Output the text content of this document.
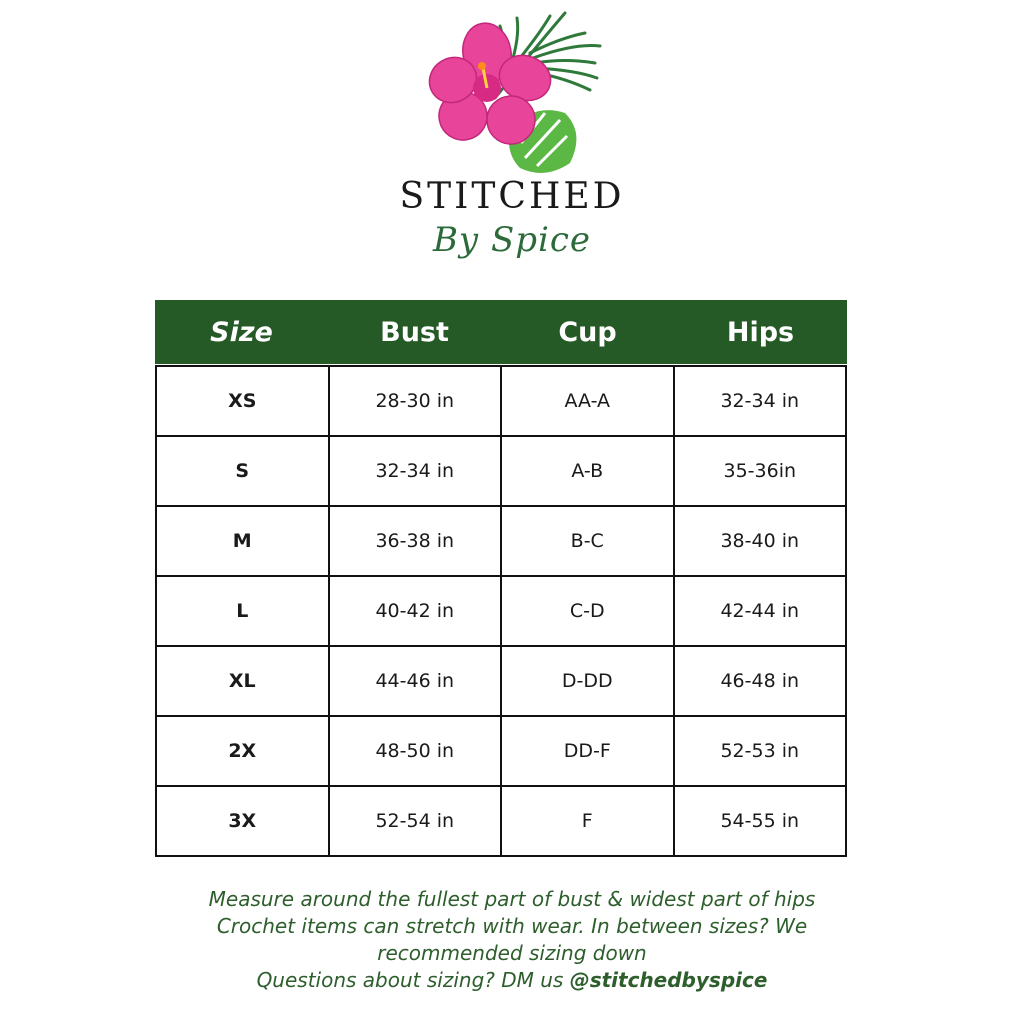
STITCHED
By Spice
Size	Bust	Cup	Hips
XS	28-30 in	AA-A	32-34 in
S	32-34 in	A-B	35-36in
M	36-38 in	B-C	38-40 in
L	40-42 in	C-D	42-44 in
XL	44-46 in	D-DD	46-48 in
2X	48-50 in	DD-F	52-53 in
3X	52-54 in	F	54-55 in
Measure around the fullest part of bust & widest part of hips
Crochet items can stretch with wear. In between sizes? We
recommended sizing down
Questions about sizing? DM us @stitchedbyspice
